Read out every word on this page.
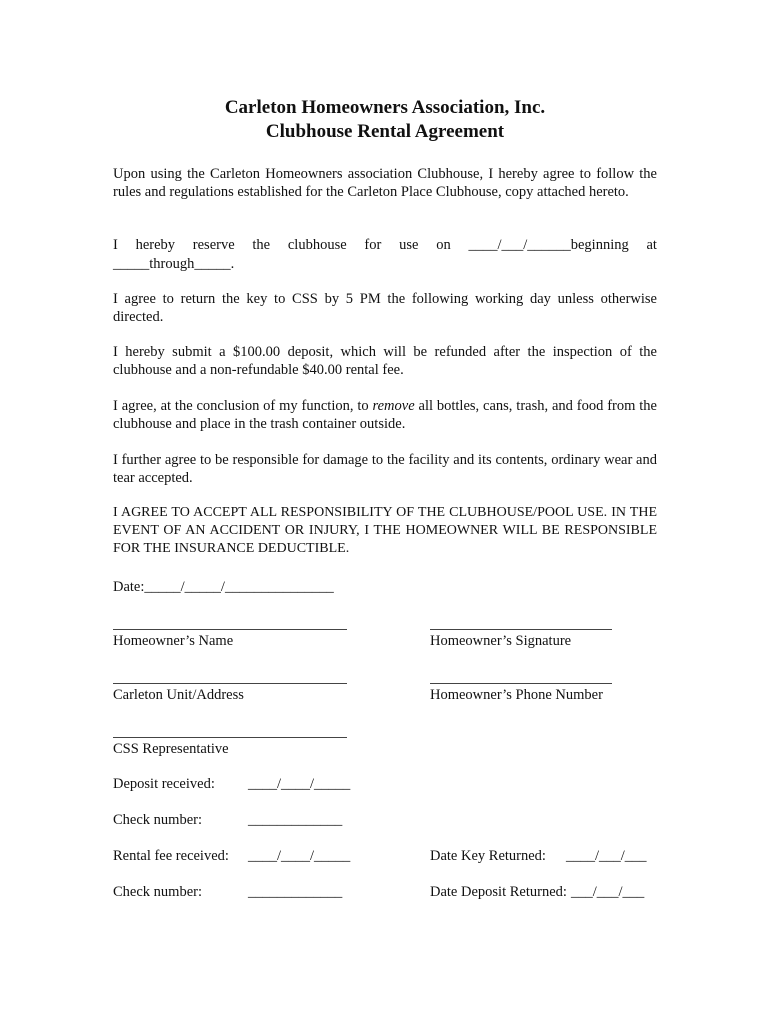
Carleton Homeowners Association, Inc.
Clubhouse Rental Agreement

Upon using the Carleton Homeowners association Clubhouse, I hereby agree to follow the rules and regulations established for the Carleton Place Clubhouse, copy attached hereto.

I hereby reserve the clubhouse for use on ____/___/______beginning at
_____through_____.

I agree to return the key to CSS by 5 PM the following working day unless otherwise directed.

I hereby submit a $100.00 deposit, which will be refunded after the inspection of the clubhouse and a non-refundable $40.00 rental fee.

I agree, at the conclusion of my function, to remove all bottles, cans, trash, and food from the clubhouse and place in the trash container outside.

I further agree to be responsible for damage to the facility and its contents, ordinary wear and tear accepted.

I AGREE TO ACCEPT ALL RESPONSIBILITY OF THE CLUBHOUSE/POOL USE. IN THE EVENT OF AN ACCIDENT OR INJURY, I THE HOMEOWNER WILL BE RESPONSIBLE FOR THE INSURANCE DEDUCTIBLE.

Date:_____/_____/_______________
Homeowner’s Name	Homeowner’s Signature
Carleton Unit/Address	Homeowner’s Phone Number
CSS Representative
Deposit received: ____/____/_____
Check number:	_____________
Rental fee received: ____/____/_____	Date Key Returned: ____/___/___
Check number:	_____________	Date Deposit Returned: ___/___/___
